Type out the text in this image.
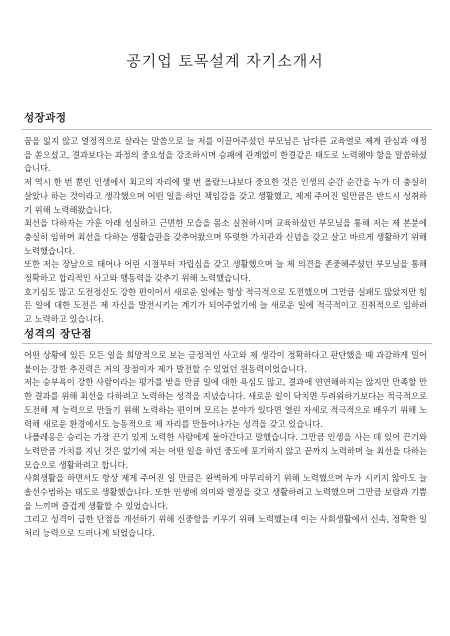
공기업 토목설계 자기소개서
성장과정

꿈을 잃지 않고 열정적으로 살라는 말씀으로 늘 저를 이끌어주셨던 부모님은 남다른 교육열로 제게 관심과 애정을 쏟으셨고, 결과보다는 과정의 중요성을 강조하시며 승패에 관계없이 한결같은 태도로 노력해야 함을 말씀하셨습니다.

저 역시 한 번 뿐인 인생에서 최고의 자리에 몇 번 올랐느냐보다 중요한 것은 인생의 순간 순간을 누가 더 충실히 살았나 하는 것이라고 생각했으며 어떤 일을 하던 책임감을 갖고 생활했고, 제게 주어진 일만큼은 반드시 성취하기 위해 노력해왔습니다.

최선을 다하자는 가훈 아래 성실하고 근면한 모습을 몸소 실천하시며 교육하셨던 부모님을 통해 저는 제 본분에 충실히 임하며 최선을 다하는 생활습관을 갖추어왔으며 뚜렷한 가치관과 신념을 갖고 살고 바르게 생활하기 위해 노력했습니다.

또한 저는 장남으로 태어나 어린 시절부터 자립심을 갖고 생활했으며 늘 제 의견을 존중해주셨던 부모님을 통해 정확하고 합리적인 사고와 행동력을 갖추기 위해 노력했습니다.

호기심도 많고 도전정신도 강한 편이어서 새로운 일에는 항상 적극적으로 도전했으며 그만큼 실패도 많았지만 힘든 일에 대한 도전은 제 자신을 발전시키는 계기가 되어주었기에 늘 새로운 일에 적극적이고 진취적으로 임하려고 노력하고 있습니다.

성격의 장단점

어떤 상황에 있든 모든 일을 희망적으로 보는 긍정적인 사고와 제 생각이 정확하다고 판단했을 때 과감하게 밀어붙이는 강한 추진력은 저의 장점이자 제가 발전할 수 있었던 원동력이었습니다.

저는 승부욕이 강한 사람이라는 평가를 받을 만큼 일에 대한 욕심도 많고, 결과에 연연해하지는 않지만 만족할 만한 결과를 위해 최선을 다하려고 노력하는 성격을 지녔습니다. 새로운 일이 닥치면 두려워하기보다는 적극적으로 도전해 제 능력으로 만들기 위해 노력하는 편이며 모르는 분야가 있다면 열린 자세로 적극적으로 배우기 위해 노력해 새로운 환경에서도 능동적으로 제 자리를 만들어나가는 성격을 갖고 있습니다.

나폴레옹은 승리는 가장 끈기 있게 노력한 사람에게 돌아간다고 말했습니다. 그만큼 인생을 사는 데 있어 끈기와 노력만큼 가치를 지닌 것은 없기에 저는 어떤 일을 하던 중도에 포기하지 않고 끝까지 노력하며 늘 최선을 다하는 모습으로 생활하려고 합니다.

사회생활을 하면서도 항상 제게 주어진 일 만큼은 완벽하게 마무리하기 위해 노력했으며 누가 시키지 않아도 늘 솔선수범하는 태도로 생활했습니다. 또한 인생에 의미와 열정을 갖고 생활하려고 노력했으며 그만큼 보람과 기쁨을 느끼며 즐겁게 생활할 수 있었습니다.

그리고 성격이 급한 단점을 개선하기 위해 신중함을 키우기 위해 노력했는데 이는 사회생활에서 신속, 정확한 일 처리 능력으로 드러나게 되었습니다.
